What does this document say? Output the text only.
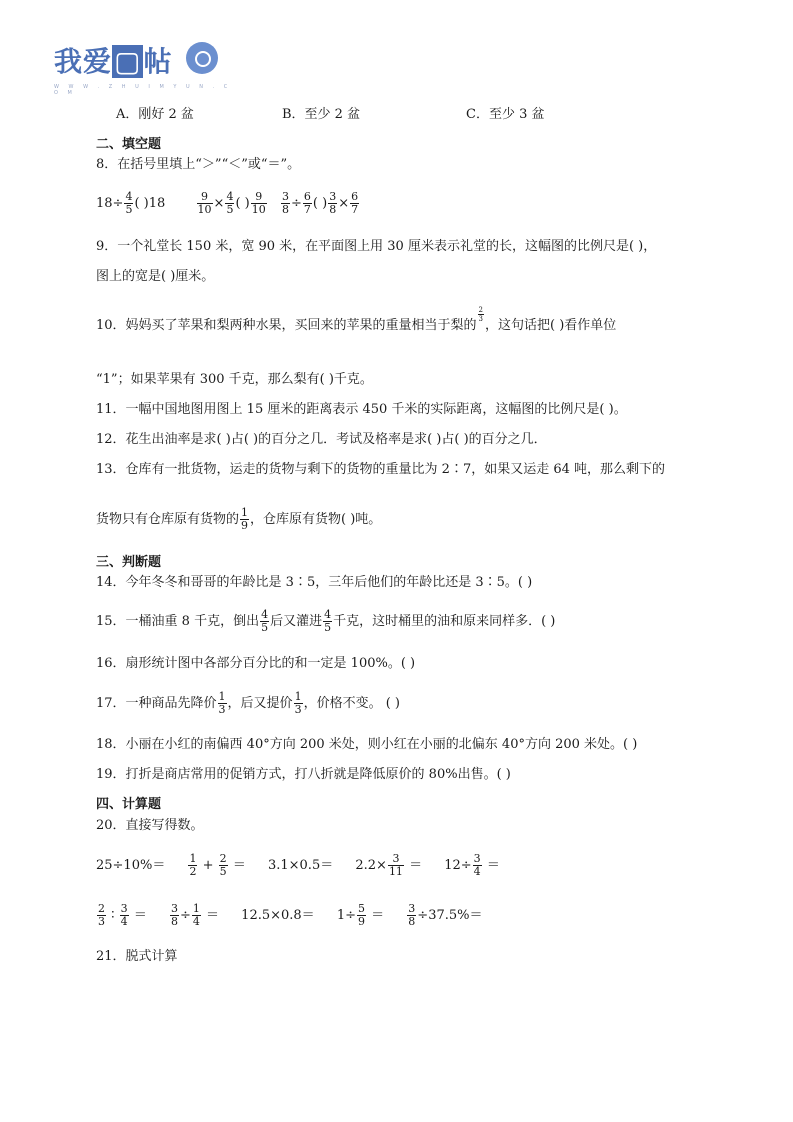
我爱▢帖
W W W . Z H U I M Y U N . C O M
A．刚好 2 盆	B．至少 2 盆	C．至少 3 盆
二、填空题
8．在括号里填上“＞”“＜”或“＝”。
$18\div \frac{4}{5}$ ( )18	$\frac{9}{10} \times \frac{4}{5}$ ( ) $\frac{9}{10}$
$\frac{3}{8} \div \frac{6}{7}$ ( ) $\frac{3}{8} \times \frac{6}{7}$
9．一个礼堂长 150 米，宽 90 米，在平面图上用 30 厘米表示礼堂的长，这幅图的比例尺是( )，
图上的宽是( )厘米。
10．妈妈买了苹果和梨两种水果，买回来的苹果的重量相当于梨的
$\frac{2}{3}$
，这句话把( )看作单位
“1”；如果苹果有 300 千克，那么梨有( )千克。
11．一幅中国地图用图上 15 厘米的距离表示 450 千米的实际距离，这幅图的比例尺是( )。
12．花生出油率是求( )占( )的百分之几．考试及格率是求( )占( )的百分之几．
13．仓库有一批货物，运走的货物与剩下的货物的重量比为 2∶7，如果又运走 64 吨，那么剩下的
货物只有仓库原有货物的 $\frac{1}{9}$ ，仓库原有货物( )吨。
三、判断题
14．今年冬冬和哥哥的年龄比是 3∶5，三年后他们的年龄比还是 3∶5。( )
15．一桶油重 8 千克，倒出 $\frac{4}{5}$ 后又灌进 $\frac{4}{5}$ 千克，这时桶里的油和原来同样多．( )
16．扇形统计图中各部分百分比的和一定是 100%。( )
17．一种商品先降价 $\frac{1}{3}$ ，后又提价 $\frac{1}{3}$ ，价格不变。 ( )
18．小丽在小红的南偏西 40°方向 200 米处，则小红在小丽的北偏东 40°方向 200 米处。( )
19．打折是商店常用的促销方式，打八折就是降低原价的 80%出售。( )
四、计算题
20．直接写得数。
$25\div 10\%= \frac{1}{2} + \frac{2}{5} = 3.1\times 0.5= 2.2\times \frac{3}{11} = 12\div \frac{3}{4}$ ＝
$\frac{2}{3}$ ∶ $\frac{3}{4} = \frac{3}{8} \div \frac{1}{4} = 12.5\times 0.8= 1\div \frac{5}{9} = \frac{3}{8} \div 37.5\%=$
21．脱式计算
